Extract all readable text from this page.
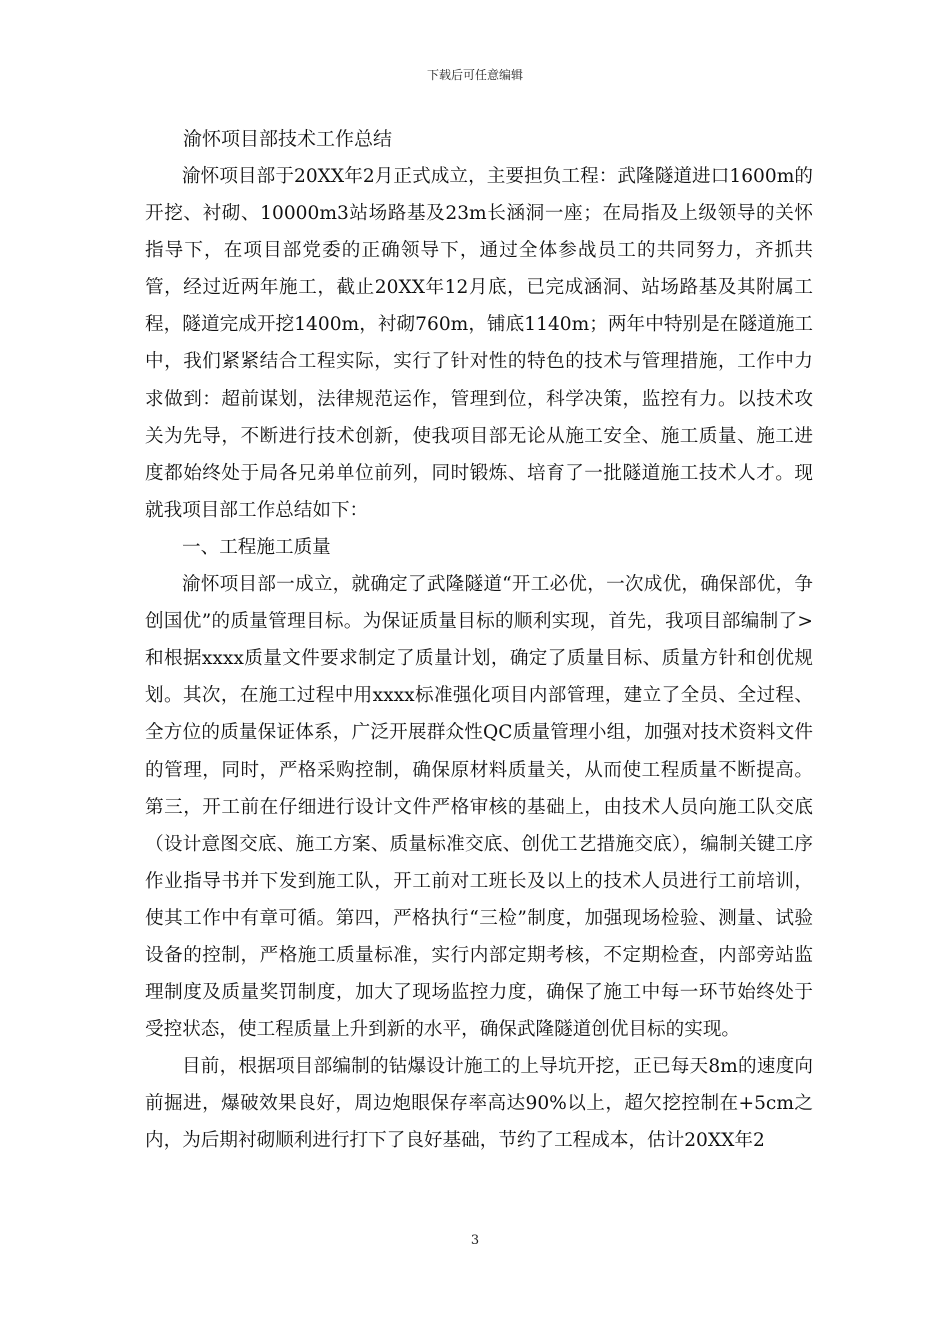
下载后可任意编辑
渝怀项目部技术工作总结

渝怀项目部于20XX年2月正式成立，主要担负工程：武隆隧道进口1600m的开挖、衬砌、10000m3站场路基及23m长涵洞一座；在局指及上级领导的关怀指导下，在项目部党委的正确领导下，通过全体参战员工的共同努力，齐抓共管，经过近两年施工，截止20XX年12月底，已完成涵洞、站场路基及其附属工程，隧道完成开挖1400m，衬砌760m，铺底1140m；两年中特别是在隧道施工中，我们紧紧结合工程实际，实行了针对性的特色的技术与管理措施，工作中力求做到：超前谋划，法律规范运作，管理到位，科学决策，监控有力。以技术攻关为先导，不断进行技术创新，使我项目部无论从施工安全、施工质量、施工进度都始终处于局各兄弟单位前列，同时锻炼、培育了一批隧道施工技术人才。现就我项目部工作总结如下：

一、工程施工质量

渝怀项目部一成立，就确定了武隆隧道“开工必优，一次成优，确保部优，争创国优”的质量管理目标。为保证质量目标的顺利实现，首先，我项目部编制了>和根据xxxx质量文件要求制定了质量计划，确定了质量目标、质量方针和创优规划。其次，在施工过程中用xxxx标准强化项目内部管理，建立了全员、全过程、全方位的质量保证体系，广泛开展群众性QC质量管理小组，加强对技术资料文件的管理，同时，严格采购控制，确保原材料质量关，从而使工程质量不断提高。第三，开工前在仔细进行设计文件严格审核的基础上，由技术人员向施工队交底（设计意图交底、施工方案、质量标准交底、创优工艺措施交底），编制关键工序作业指导书并下发到施工队，开工前对工班长及以上的技术人员进行工前培训，使其工作中有章可循。第四，严格执行“三检”制度，加强现场检验、测量、试验设备的控制，严格施工质量标准，实行内部定期考核，不定期检查，内部旁站监理制度及质量奖罚制度，加大了现场监控力度，确保了施工中每一环节始终处于受控状态，使工程质量上升到新的水平，确保武隆隧道创优目标的实现。

目前，根据项目部编制的钻爆设计施工的上导坑开挖，正已每天8m的速度向前掘进，爆破效果良好，周边炮眼保存率高达90%以上，超欠挖控制在+5cm之内，为后期衬砌顺利进行打下了良好基础，节约了工程成本，估计20XX年2

3
